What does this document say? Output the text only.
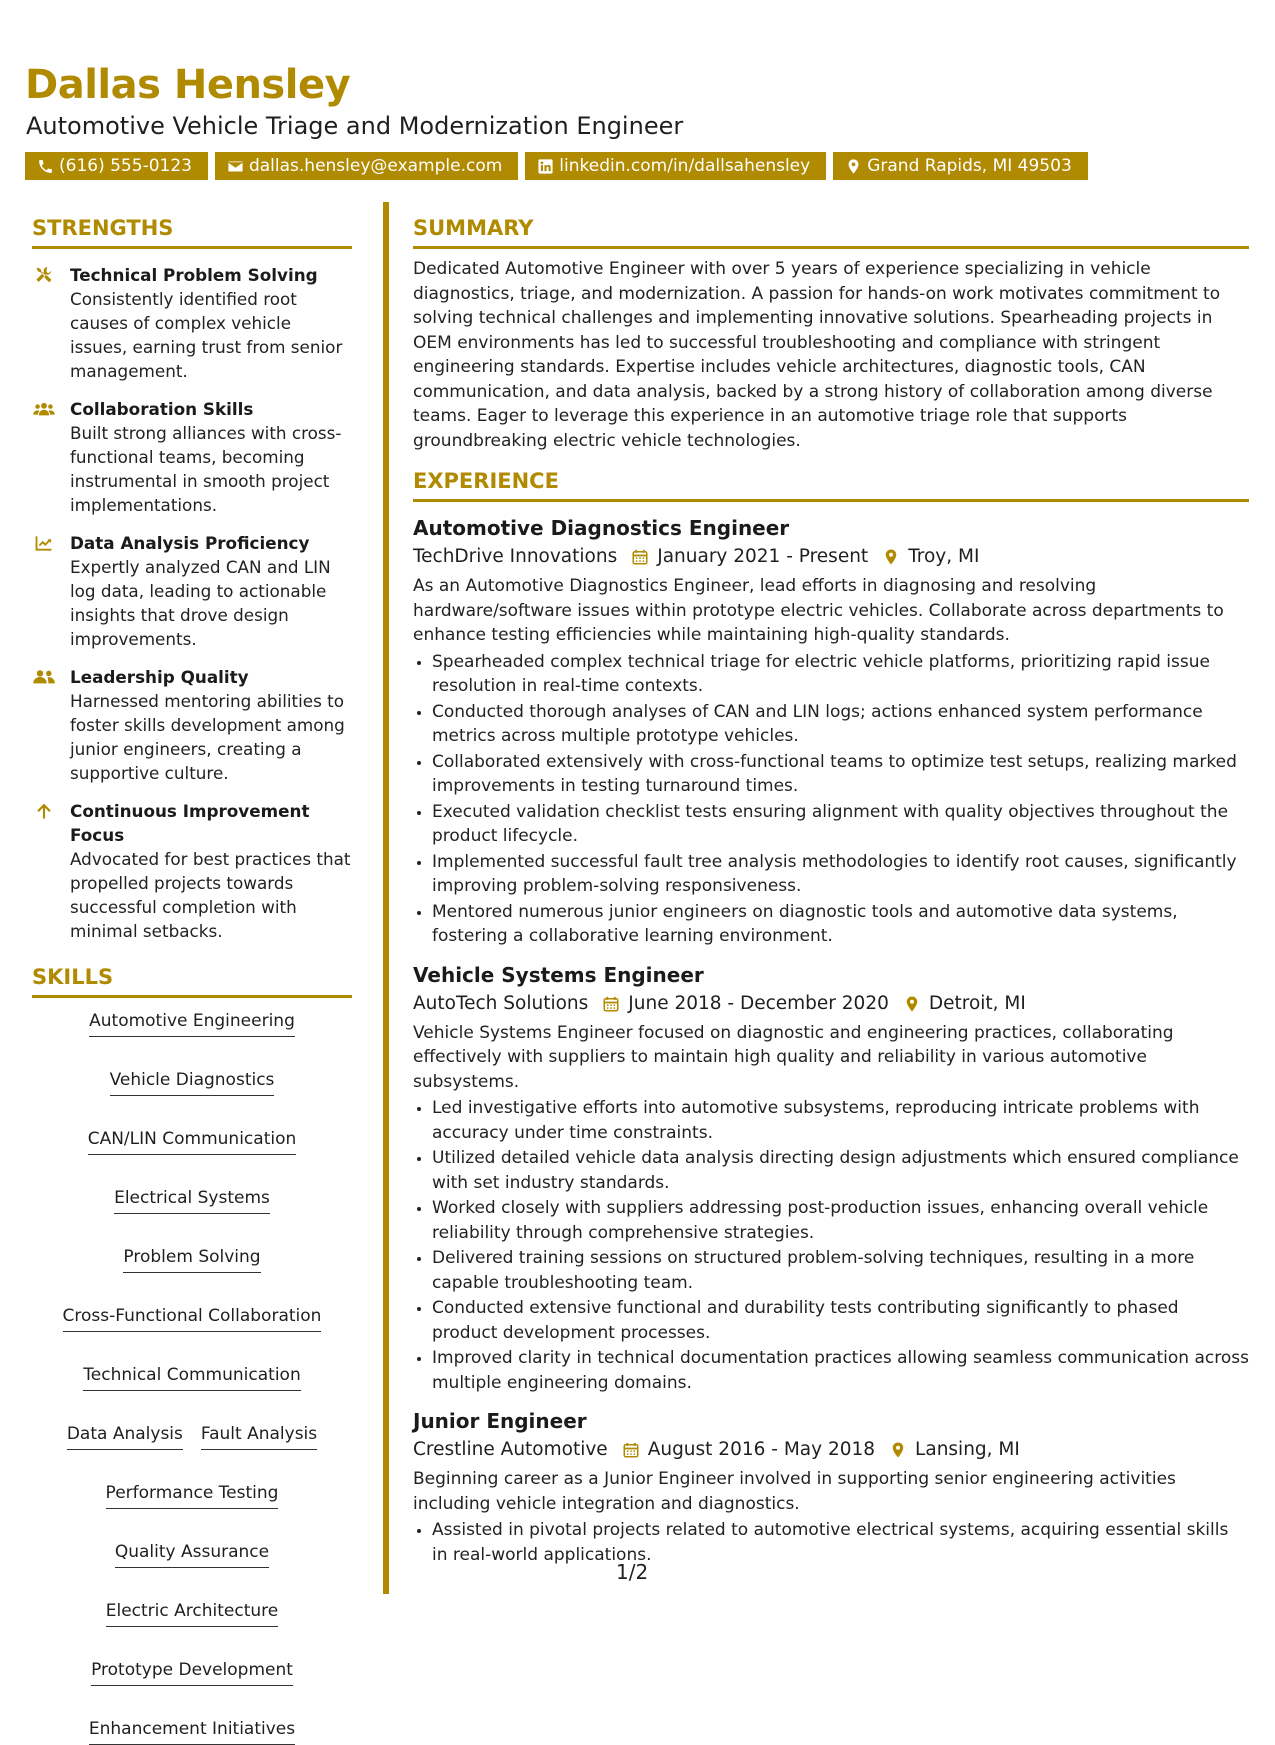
Dallas Hensley
Automotive Vehicle Triage and Modernization Engineer
(616) 555-0123	dallas.hensley@example.com	linkedin.com/in/dallsahensley	Grand Rapids, MI 49503
STRENGTHS
Technical Problem Solving
Consistently identified root causes of complex vehicle issues, earning trust from senior management.
Collaboration Skills
Built strong alliances with cross-functional teams, becoming instrumental in smooth project implementations.
Data Analysis Proficiency
Expertly analyzed CAN and LIN log data, leading to actionable insights that drove design improvements.
Leadership Quality
Harnessed mentoring abilities to foster skills development among junior engineers, creating a supportive culture.
Continuous Improvement Focus
Advocated for best practices that propelled projects towards successful completion with minimal setbacks.
SKILLS
Automotive Engineering
Vehicle Diagnostics
CAN/LIN Communication
Electrical Systems
Problem Solving
Cross-Functional Collaboration
Technical Communication
Data Analysis Fault Analysis
Performance Testing
Quality Assurance
Electric Architecture
Prototype Development
Enhancement Initiatives
SUMMARY
Dedicated Automotive Engineer with over 5 years of experience specializing in vehicle diagnostics, triage, and modernization. A passion for hands-on work motivates commitment to solving technical challenges and implementing innovative solutions. Spearheading projects in OEM environments has led to successful troubleshooting and compliance with stringent engineering standards. Expertise includes vehicle architectures, diagnostic tools, CAN communication, and data analysis, backed by a strong history of collaboration among diverse teams. Eager to leverage this experience in an automotive triage role that supports groundbreaking electric vehicle technologies.
EXPERIENCE
Automotive Diagnostics Engineer
TechDrive Innovations January 2021 - Present Troy, MI
As an Automotive Diagnostics Engineer, lead efforts in diagnosing and resolving hardware/software issues within prototype electric vehicles. Collaborate across departments to enhance testing efficiencies while maintaining high-quality standards.
• Spearheaded complex technical triage for electric vehicle platforms, prioritizing rapid issue resolution in real-time contexts.
• Conducted thorough analyses of CAN and LIN logs; actions enhanced system performance metrics across multiple prototype vehicles.
• Collaborated extensively with cross-functional teams to optimize test setups, realizing marked improvements in testing turnaround times.
• Executed validation checklist tests ensuring alignment with quality objectives throughout the product lifecycle.
• Implemented successful fault tree analysis methodologies to identify root causes, significantly improving problem-solving responsiveness.
• Mentored numerous junior engineers on diagnostic tools and automotive data systems, fostering a collaborative learning environment.
Vehicle Systems Engineer
AutoTech Solutions June 2018 - December 2020 Detroit, MI
Vehicle Systems Engineer focused on diagnostic and engineering practices, collaborating effectively with suppliers to maintain high quality and reliability in various automotive subsystems.
• Led investigative efforts into automotive subsystems, reproducing intricate problems with accuracy under time constraints.
• Utilized detailed vehicle data analysis directing design adjustments which ensured compliance with set industry standards.
• Worked closely with suppliers addressing post-production issues, enhancing overall vehicle reliability through comprehensive strategies.
• Delivered training sessions on structured problem-solving techniques, resulting in a more capable troubleshooting team.
• Conducted extensive functional and durability tests contributing significantly to phased product development processes.
• Improved clarity in technical documentation practices allowing seamless communication across multiple engineering domains.
Junior Engineer
Crestline Automotive August 2016 - May 2018 Lansing, MI
Beginning career as a Junior Engineer involved in supporting senior engineering activities including vehicle integration and diagnostics.
• Assisted in pivotal projects related to automotive electrical systems, acquiring essential skills in real-world applications.
1/2
